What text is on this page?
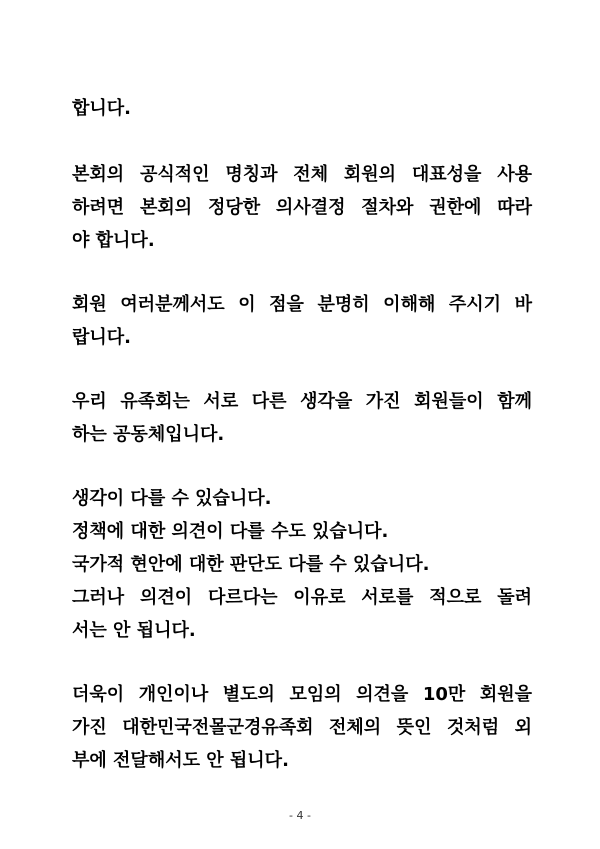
합니다.
본회의 공식적인 명칭과 전체 회원의 대표성을 사용
하려면 본회의 정당한 의사결정 절차와 권한에 따라
야 합니다.
회원 여러분께서도 이 점을 분명히 이해해 주시기 바
랍니다.
우리 유족회는 서로 다른 생각을 가진 회원들이 함께
하는 공동체입니다.
생각이 다를 수 있습니다.
정책에 대한 의견이 다를 수도 있습니다.
국가적 현안에 대한 판단도 다를 수 있습니다.
그러나 의견이 다르다는 이유로 서로를 적으로 돌려
서는 안 됩니다.
더욱이 개인이나 별도의 모임의 의견을 10만 회원을
가진 대한민국전몰군경유족회 전체의 뜻인 것처럼 외
부에 전달해서도 안 됩니다.
- 4 -
